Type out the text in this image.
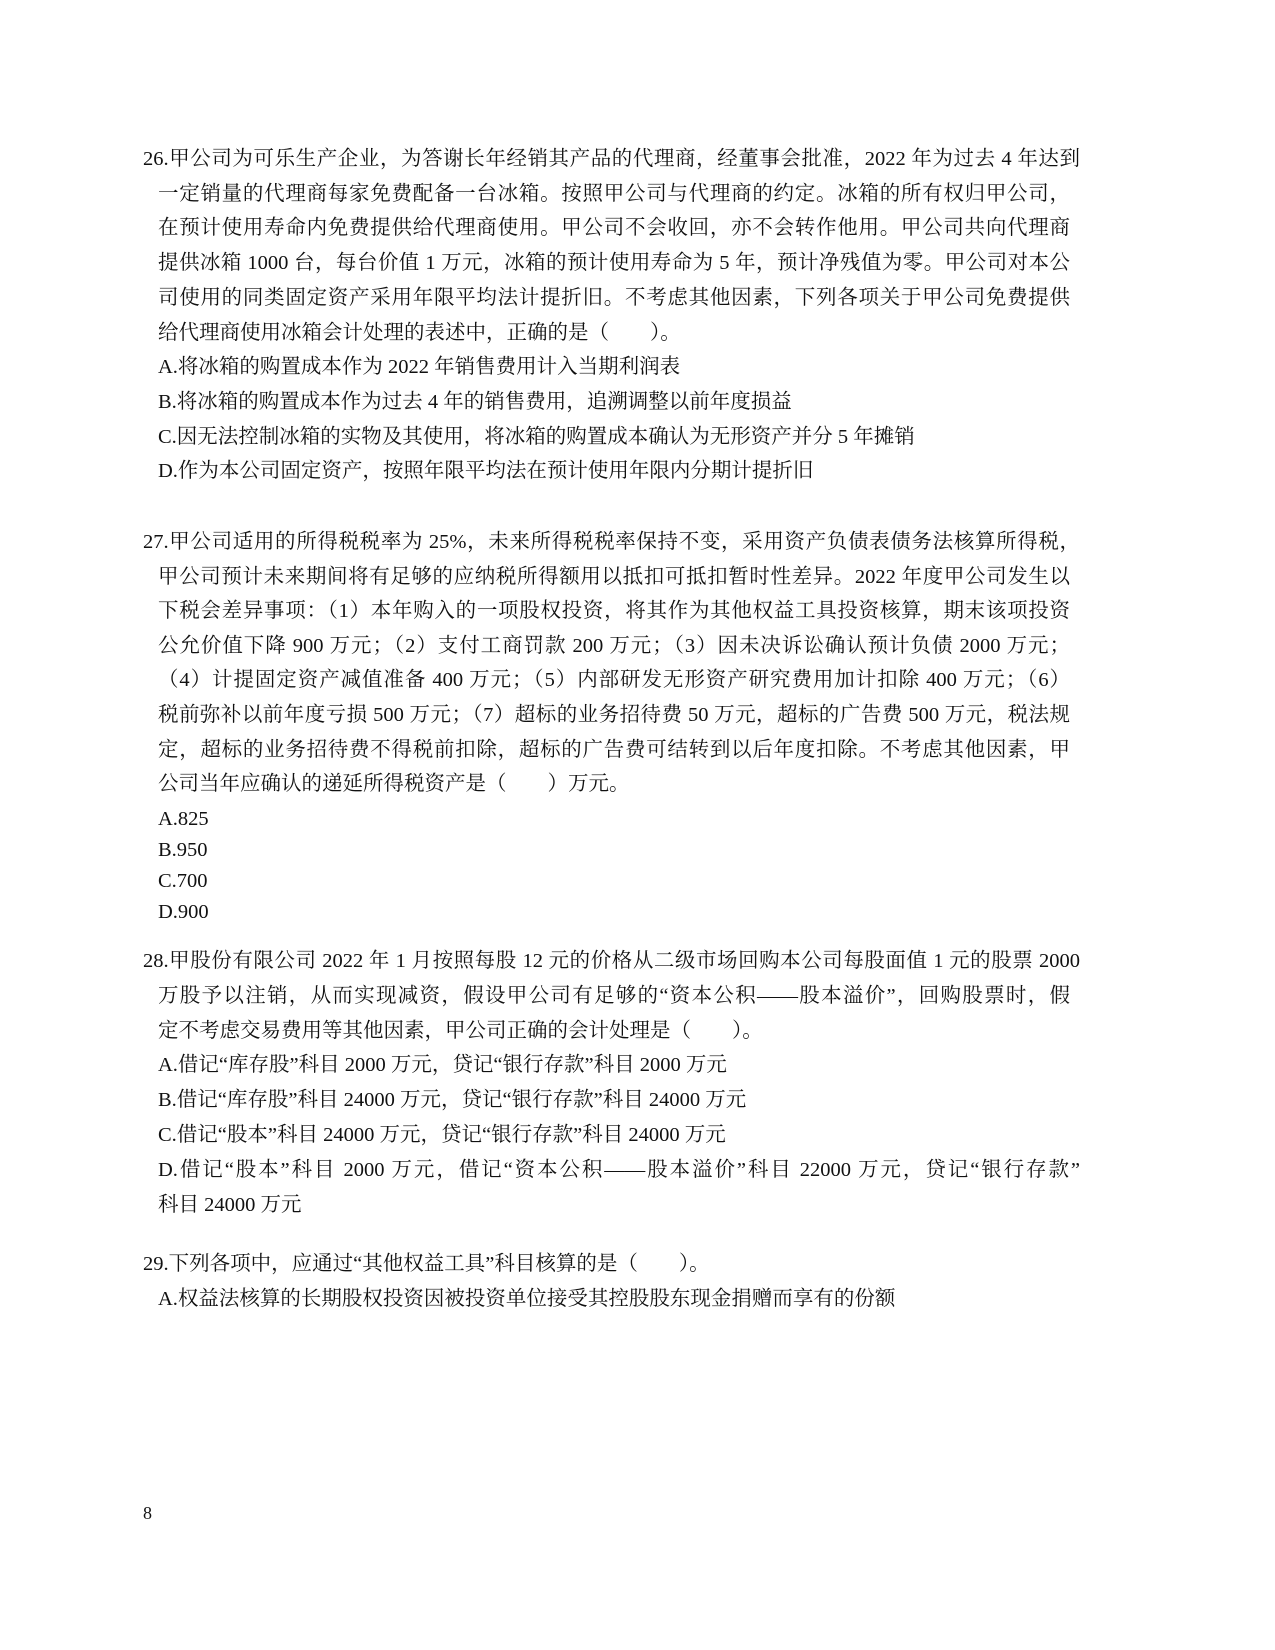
26.甲公司为可乐生产企业，为答谢长年经销其产品的代理商，经董事会批准，2022 年为过去 4 年达到
一定销量的代理商每家免费配备一台冰箱。按照甲公司与代理商的约定。冰箱的所有权归甲公司，
在预计使用寿命内免费提供给代理商使用。甲公司不会收回，亦不会转作他用。甲公司共向代理商
提供冰箱 1000 台，每台价值 1 万元，冰箱的预计使用寿命为 5 年，预计净残值为零。甲公司对本公
司使用的同类固定资产采用年限平均法计提折旧。不考虑其他因素，下列各项关于甲公司免费提供
给代理商使用冰箱会计处理的表述中，正确的是（　　）。
A.将冰箱的购置成本作为 2022 年销售费用计入当期利润表
B.将冰箱的购置成本作为过去 4 年的销售费用，追溯调整以前年度损益
C.因无法控制冰箱的实物及其使用，将冰箱的购置成本确认为无形资产并分 5 年摊销
D.作为本公司固定资产，按照年限平均法在预计使用年限内分期计提折旧
27.甲公司适用的所得税税率为 25%，未来所得税税率保持不变，采用资产负债表债务法核算所得税，
甲公司预计未来期间将有足够的应纳税所得额用以抵扣可抵扣暂时性差异。2022 年度甲公司发生以
下税会差异事项：（1）本年购入的一项股权投资，将其作为其他权益工具投资核算，期末该项投资
公允价值下降 900 万元；（2）支付工商罚款 200 万元；（3）因未决诉讼确认预计负债 2000 万元；
（4）计提固定资产减值准备 400 万元；（5）内部研发无形资产研究费用加计扣除 400 万元；（6）
税前弥补以前年度亏损 500 万元；（7）超标的业务招待费 50 万元，超标的广告费 500 万元，税法规
定，超标的业务招待费不得税前扣除，超标的广告费可结转到以后年度扣除。不考虑其他因素，甲
公司当年应确认的递延所得税资产是（　　）万元。
A.825
B.950
C.700
D.900
28.甲股份有限公司 2022 年 1 月按照每股 12 元的价格从二级市场回购本公司每股面值 1 元的股票 2000
万股予以注销，从而实现减资，假设甲公司有足够的“资本公积——股本溢价”，回购股票时，假
定不考虑交易费用等其他因素，甲公司正确的会计处理是（　　）。
A.借记“库存股”科目 2000 万元，贷记“银行存款”科目 2000 万元
B.借记“库存股”科目 24000 万元，贷记“银行存款”科目 24000 万元
C.借记“股本”科目 24000 万元，贷记“银行存款”科目 24000 万元
D.借记“股本”科目 2000 万元，借记“资本公积——股本溢价”科目 22000 万元，贷记“银行存款”
科目 24000 万元
29.下列各项中，应通过“其他权益工具”科目核算的是（　　）。
A.权益法核算的长期股权投资因被投资单位接受其控股股东现金捐赠而享有的份额
8
